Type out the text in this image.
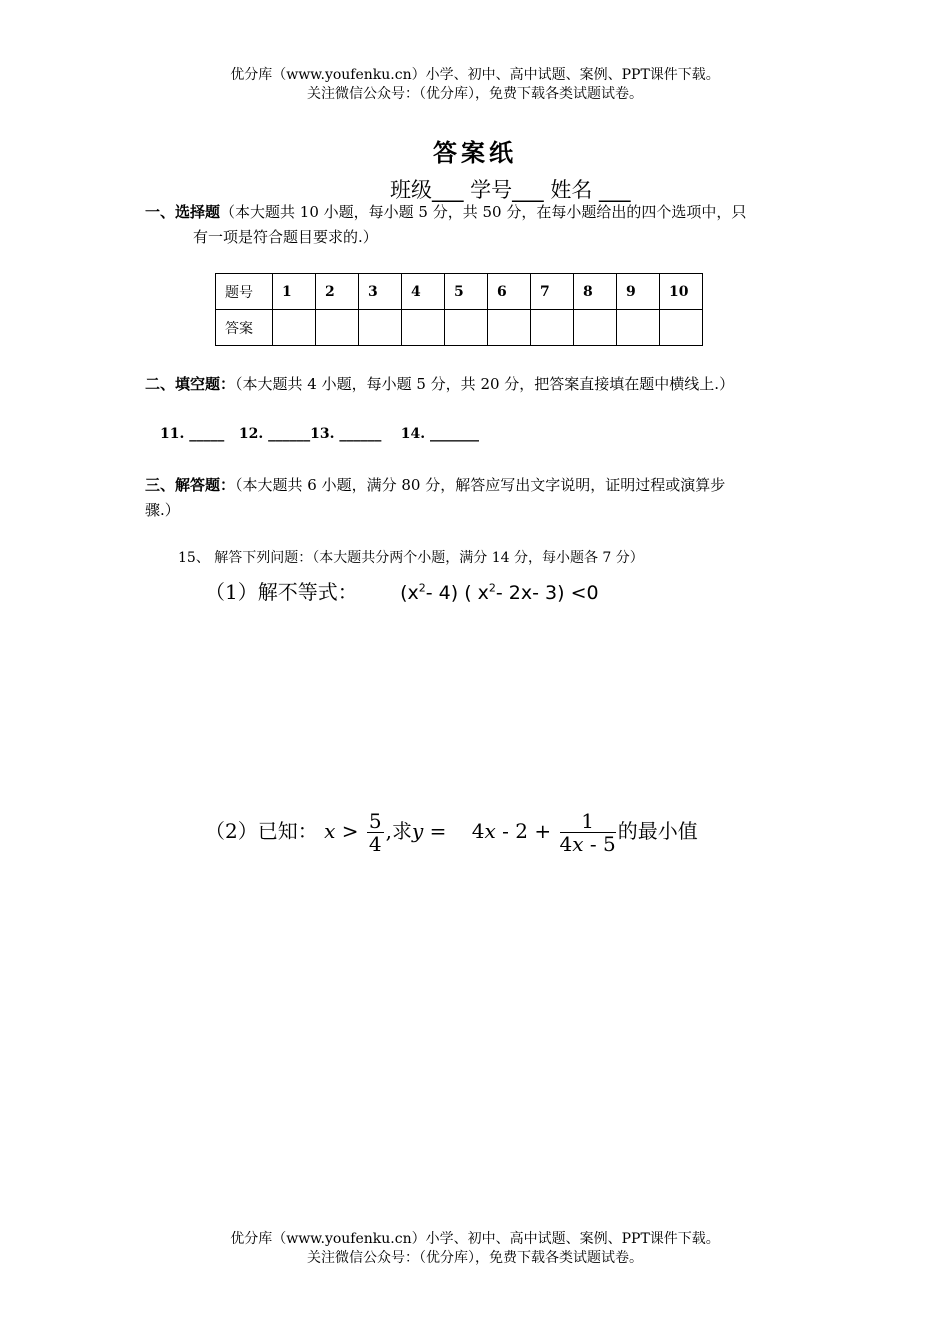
优分库（www.youfenku.cn）小学、初中、高中试题、案例、PPT课件下载。
关注微信公众号：（优分库），免费下载各类试题试卷。
答案纸
班级___ 学号___ 姓名 ___
一、选择题（本大题共 10 小题，每小题 5 分，共 50 分，在每小题给出的四个选项中，只
有一项是符合题目要求的.）
题号	1	2	3	4	5	6	7	8	9	10
答案										
二、填空题：（本大题共 4 小题，每小题 5 分，共 20 分，把答案直接填在题中横线上.）
11. _____   12. ______13. ______    14. _______
三、解答题：（本大题共 6 小题，满分 80 分，解答应写出文字说明，证明过程或演算步
骤.）
15、 解答下列问题：（本大题共分两个小题，满分 14 分，每小题各 7 分）
（1）解不等式： ($x^2-$ 4) ( $x^2-$ 2x- 3) <0
（2）已知： $x > \frac{5}{4}$ ,求y =    $4x - 2 + \frac{1}{4x - 5}$ 的最小值
优分库（www.youfenku.cn）小学、初中、高中试题、案例、PPT课件下载。
关注微信公众号：（优分库），免费下载各类试题试卷。
